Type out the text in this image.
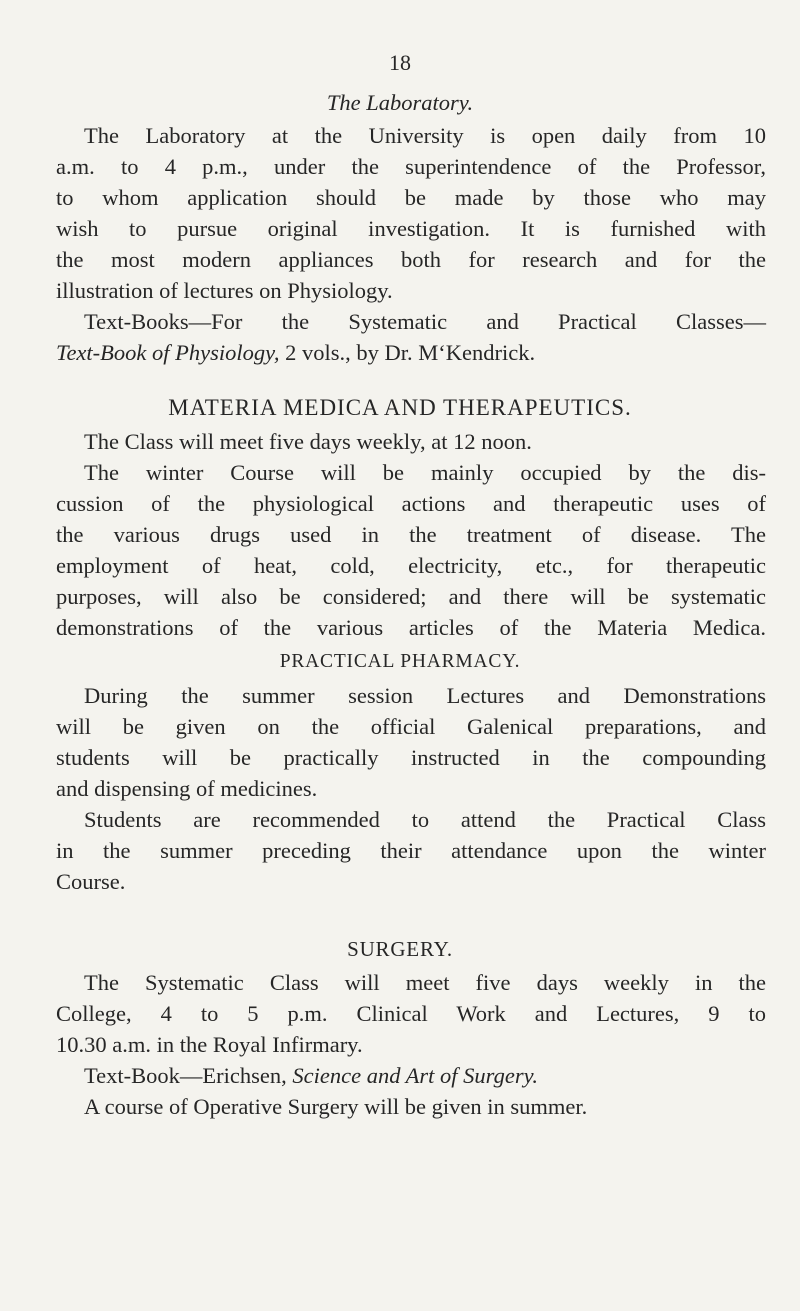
18
The Laboratory.
The Laboratory at the University is open daily from 10
a.m. to 4 p.m., under the superintendence of the Professor,
to whom application should be made by those who may
wish to pursue original investigation. It is furnished with
the most modern appliances both for research and for the
illustration of lectures on Physiology.
Text-Books—For the Systematic and Practical Classes—
Text-Book of Physiology, 2 vols., by Dr. M‘Kendrick.
MATERIA MEDICA AND THERAPEUTICS.
The Class will meet five days weekly, at 12 noon.
The winter Course will be mainly occupied by the dis-
cussion of the physiological actions and therapeutic uses of
the various drugs used in the treatment of disease. The
employment of heat, cold, electricity, etc., for therapeutic
purposes, will also be considered; and there will be systematic
demonstrations of the various articles of the Materia Medica.
PRACTICAL PHARMACY.
During the summer session Lectures and Demonstrations
will be given on the official Galenical preparations, and
students will be practically instructed in the compounding
and dispensing of medicines.
Students are recommended to attend the Practical Class
in the summer preceding their attendance upon the winter
Course.
SURGERY.
The Systematic Class will meet five days weekly in the
College, 4 to 5 p.m. Clinical Work and Lectures, 9 to
10.30 a.m. in the Royal Infirmary.
Text-Book—Erichsen, Science and Art of Surgery.
A course of Operative Surgery will be given in summer.
